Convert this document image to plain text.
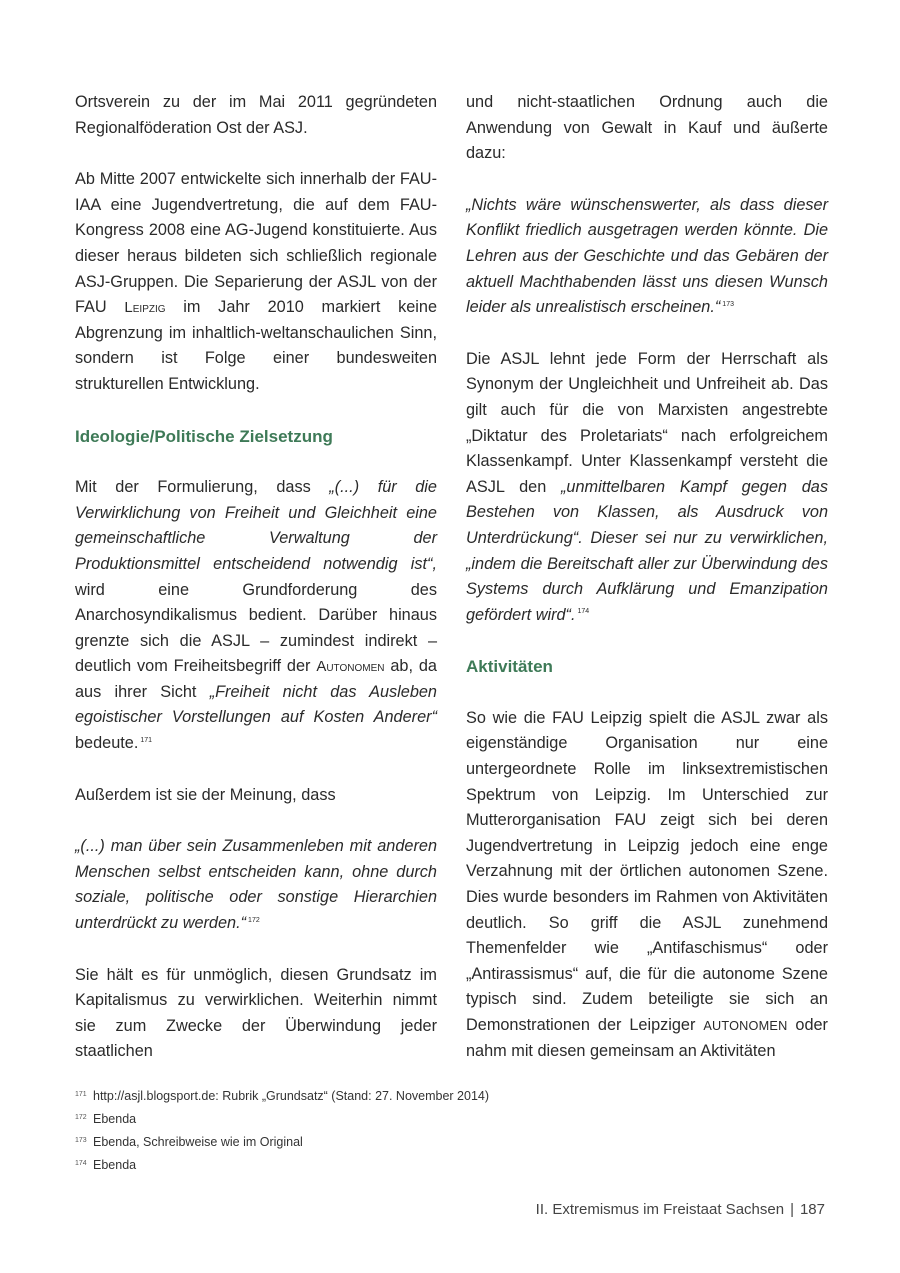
Ortsverein zu der im Mai 2011 gegründeten Regionalföderation Ost der ASJ.

Ab Mitte 2007 entwickelte sich innerhalb der FAU-IAA eine Jugendvertretung, die auf dem FAU-Kongress 2008 eine AG-Jugend konstituierte. Aus dieser heraus bildeten sich schließlich regionale ASJ-Gruppen. Die Separierung der ASJL von der FAU Leipzig im Jahr 2010 markiert keine Abgrenzung im inhaltlich-weltanschaulichen Sinn, sondern ist Folge einer bundesweiten strukturellen Entwicklung.

Ideologie/Politische Zielsetzung

Mit der Formulierung, dass „(...) für die Verwirklichung von Freiheit und Gleichheit eine gemeinschaftliche Verwaltung der Produktionsmittel entscheidend notwendig ist“, wird eine Grundforderung des Anarchosyndikalismus bedient. Darüber hinaus grenzte sich die ASJL – zumindest indirekt – deutlich vom Freiheitsbegriff der Autonomen ab, da aus ihrer Sicht „Freiheit nicht das Ausleben egoistischer Vorstellungen auf Kosten Anderer“ bedeute. $^{171}$

Außerdem ist sie der Meinung, dass

„(...) man über sein Zusammenleben mit anderen Menschen selbst entscheiden kann, ohne durch soziale, politische oder sonstige Hierarchien unterdrückt zu werden.“ $^{172}$

Sie hält es für unmöglich, diesen Grundsatz im Kapitalismus zu verwirklichen. Weiterhin nimmt sie zum Zwecke der Überwindung jeder staatlichen

und nicht-staatlichen Ordnung auch die Anwendung von Gewalt in Kauf und äußerte dazu:

„Nichts wäre wünschenswerter, als dass dieser Konflikt friedlich ausgetragen werden könnte. Die Lehren aus der Geschichte und das Gebären der aktuell Machthabenden lässt uns diesen Wunsch leider als unrealistisch erscheinen.“ $^{173}$

Die ASJL lehnt jede Form der Herrschaft als Synonym der Ungleichheit und Unfreiheit ab. Das gilt auch für die von Marxisten angestrebte „Diktatur des Proletariats“ nach erfolgreichem Klassenkampf. Unter Klassenkampf versteht die ASJL den „unmittelbaren Kampf gegen das Bestehen von Klassen, als Ausdruck von Unterdrückung“. Dieser sei nur zu verwirklichen, „indem die Bereitschaft aller zur Überwindung des Systems durch Aufklärung und Emanzipation gefördert wird“. $^{174}$

Aktivitäten

So wie die FAU Leipzig spielt die ASJL zwar als eigenständige Organisation nur eine untergeordnete Rolle im linksextremistischen Spektrum von Leipzig. Im Unterschied zur Mutterorganisation FAU zeigt sich bei deren Jugendvertretung in Leipzig jedoch eine enge Verzahnung mit der örtlichen autonomen Szene. Dies wurde besonders im Rahmen von Aktivitäten deutlich. So griff die ASJL zunehmend Themenfelder wie „Antifaschismus“ oder „Antirassismus“ auf, die für die autonome Szene typisch sind. Zudem beteiligte sie sich an Demonstrationen der Leipziger AUTONOMEN oder nahm mit diesen gemeinsam an Aktivitäten

171 http://asjl.blogsport.de: Rubrik „Grundsatz“ (Stand: 27. November 2014)
172 Ebenda
173 Ebenda, Schreibweise wie im Original
174 Ebenda
II. Extremismus im Freistaat Sachsen | 187
